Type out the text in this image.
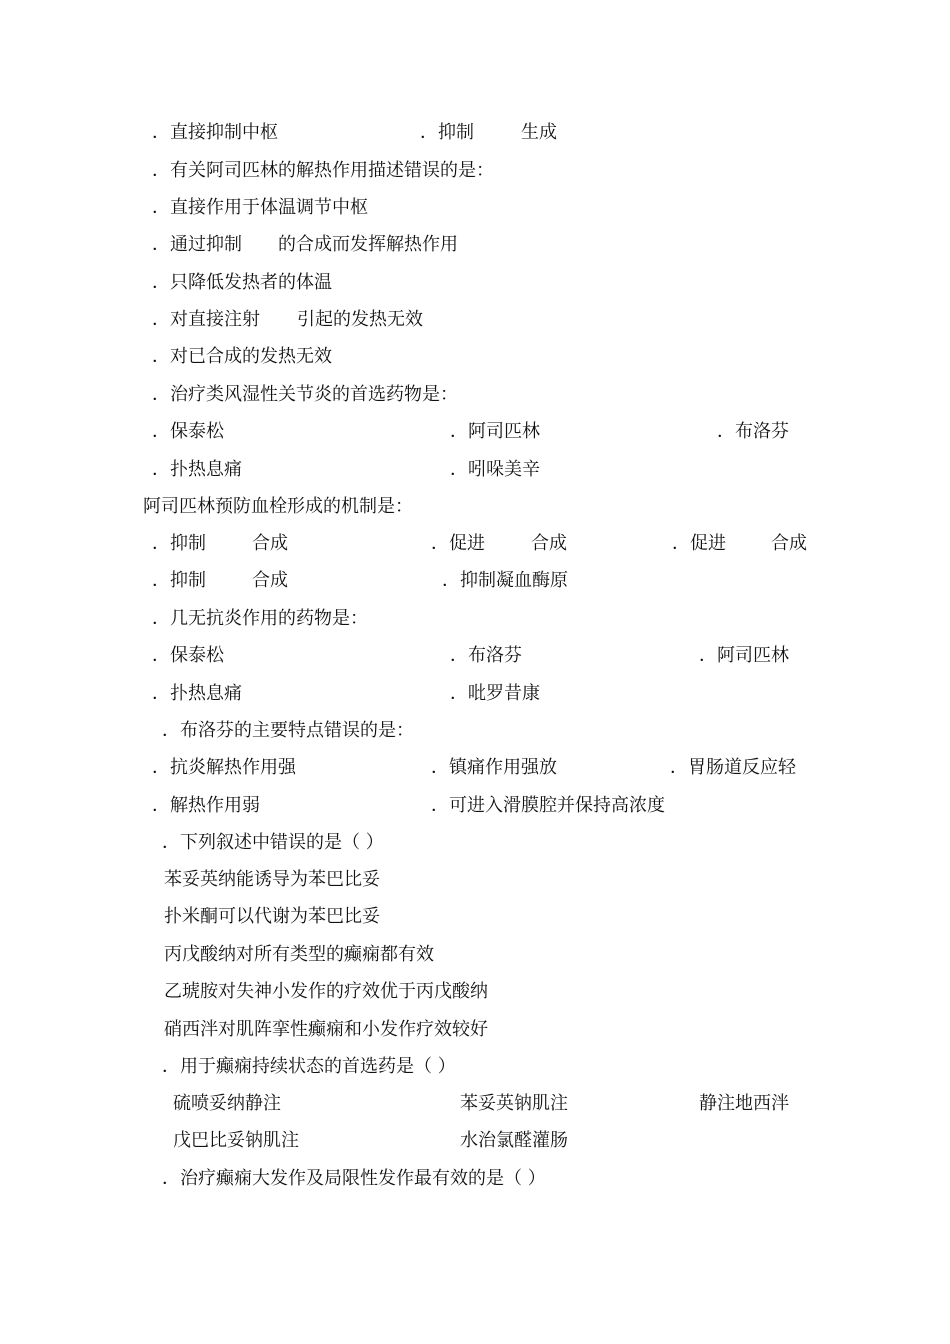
．直接抑制中枢	．抑制	生成
．有关阿司匹林的解热作用描述错误的是：
．直接作用于体温调节中枢
．通过抑制 的合成而发挥解热作用
．只降低发热者的体温
．对直接注射 引起的发热无效
．对已合成的发热无效
．治疗类风湿性关节炎的首选药物是：
．保泰松	．阿司匹林	．布洛芬
．扑热息痛	．吲哚美辛
阿司匹林预防血栓形成的机制是：
．抑制	合成	．促进	合成	．促进	合成
．抑制	合成	．抑制凝血酶原
．几无抗炎作用的药物是：
．保泰松	．布洛芬	．阿司匹林
．扑热息痛	．吡罗昔康
．布洛芬的主要特点错误的是：
．抗炎解热作用强	．镇痛作用强放	．胃肠道反应轻
．解热作用弱	．可进入滑膜腔并保持高浓度
．下列叙述中错误的是（ ）
苯妥英纳能诱导为苯巴比妥
扑米酮可以代谢为苯巴比妥
丙戊酸纳对所有类型的癫痫都有效
乙琥胺对失神小发作的疗效优于丙戊酸纳
硝西泮对肌阵挛性癫痫和小发作疗效较好
．用于癫痫持续状态的首选药是（ ）
硫喷妥纳静注	苯妥英钠肌注	静注地西泮
戊巴比妥钠肌注	水治氯醛灌肠
．治疗癫痫大发作及局限性发作最有效的是（ ）
